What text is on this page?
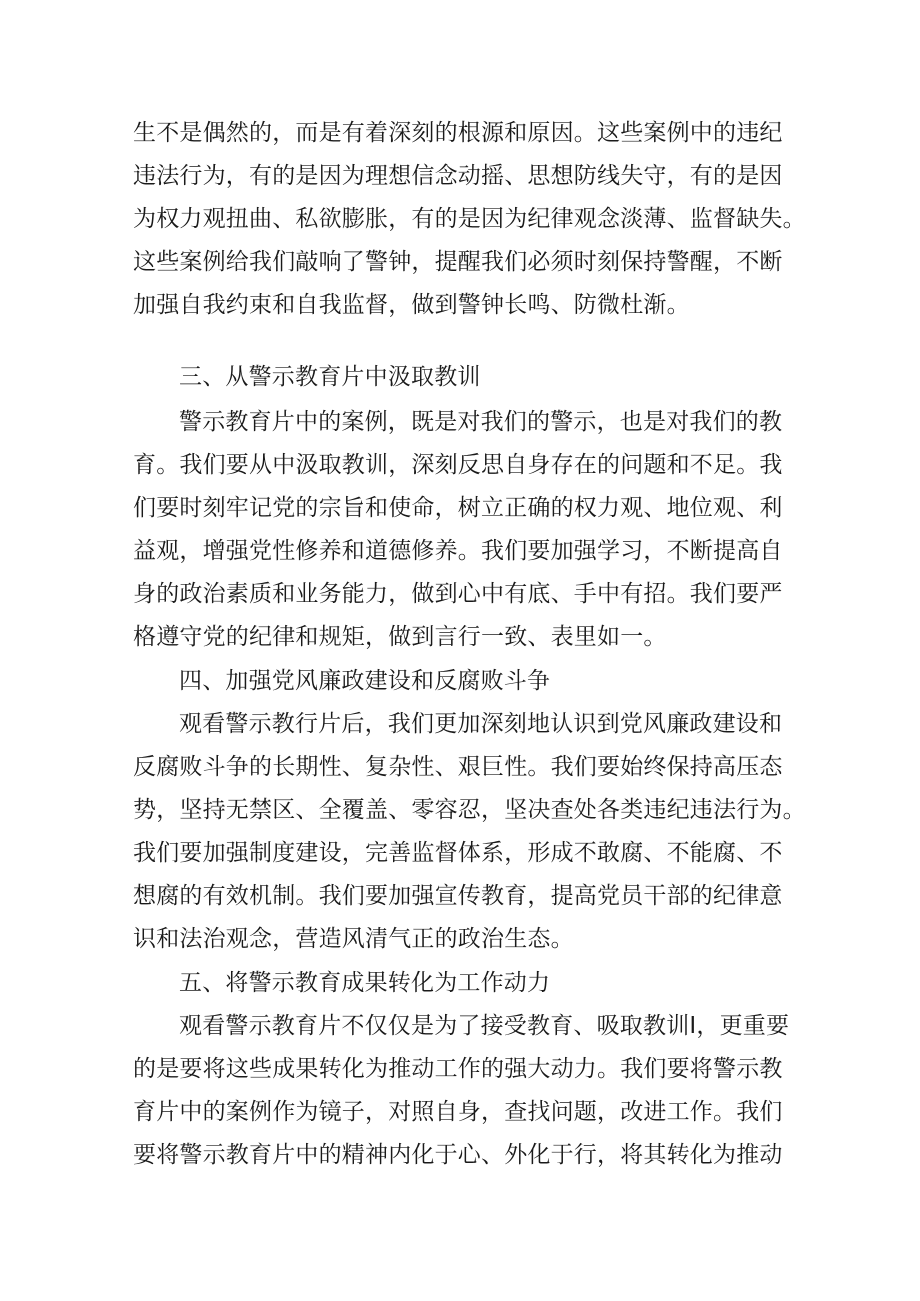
生不是偶然的，而是有着深刻的根源和原因。这些案例中的违纪
违法行为，有的是因为理想信念动摇、思想防线失守，有的是因
为权力观扭曲、私欲膨胀，有的是因为纪律观念淡薄、监督缺失。
这些案例给我们敲响了警钟，提醒我们必须时刻保持警醒，不断
加强自我约束和自我监督，做到警钟长鸣、防微杜渐。
三、从警示教育片中汲取教训
警示教育片中的案例，既是对我们的警示，也是对我们的教
育。我们要从中汲取教训，深刻反思自身存在的问题和不足。我
们要时刻牢记党的宗旨和使命，树立正确的权力观、地位观、利
益观，增强党性修养和道德修养。我们要加强学习，不断提高自
身的政治素质和业务能力，做到心中有底、手中有招。我们要严
格遵守党的纪律和规矩，做到言行一致、表里如一。
四、加强党风廉政建设和反腐败斗争
观看警示教行片后，我们更加深刻地认识到党风廉政建设和
反腐败斗争的长期性、复杂性、艰巨性。我们要始终保持高压态
势，坚持无禁区、全覆盖、零容忍，坚决查处各类违纪违法行为。
我们要加强制度建设，完善监督体系，形成不敢腐、不能腐、不
想腐的有效机制。我们要加强宣传教育，提高党员干部的纪律意
识和法治观念，营造风清气正的政治生态。
五、将警示教育成果转化为工作动力
观看警示教育片不仅仅是为了接受教育、吸取教训I，更重要
的是要将这些成果转化为推动工作的强大动力。我们要将警示教
育片中的案例作为镜子，对照自身，查找问题，改进工作。我们
要将警示教育片中的精神内化于心、外化于行，将其转化为推动
